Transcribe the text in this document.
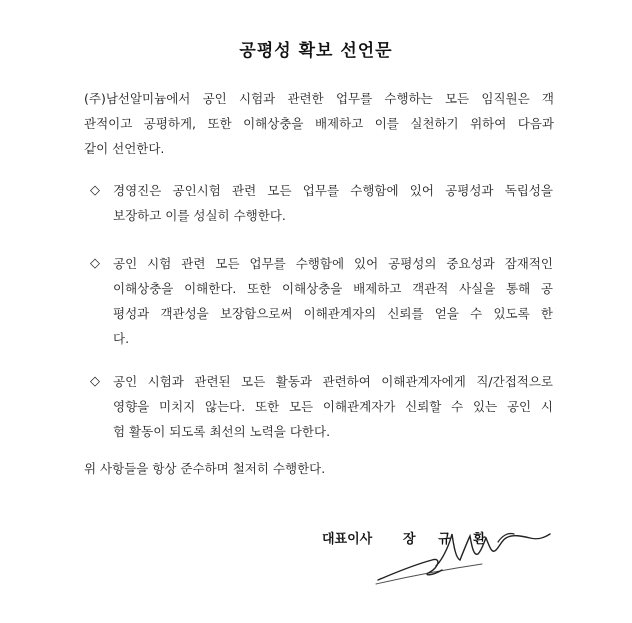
공평성 확보 선언문
(주)남선알미늄에서 공인 시험과 관련한 업무를 수행하는 모든 임직원은 객
관적이고 공평하게, 또한 이해상충을 배제하고 이를 실천하기 위하여 다음과
같이 선언한다.
◇ 경영진은 공인시험 관련 모든 업무를 수행함에 있어 공평성과 독립성을
보장하고 이를 성실히 수행한다.
◇ 공인 시험 관련 모든 업무를 수행함에 있어 공평성의 중요성과 잠재적인
이해상충을 이해한다. 또한 이해상충을 배제하고 객관적 사실을 통해 공
평성과 객관성을 보장함으로써 이해관계자의 신뢰를 얻을 수 있도록 한
다.
◇ 공인 시험과 관련된 모든 활동과 관련하여 이해관계자에게 직/간접적으로
영향을 미치지 않는다. 또한 모든 이해관계자가 신뢰할 수 있는 공인 시
험 활동이 되도록 최선의 노력을 다한다.
위 사항들을 항상 준수하며 철저히 수행한다.
대표이사 장 규 환
